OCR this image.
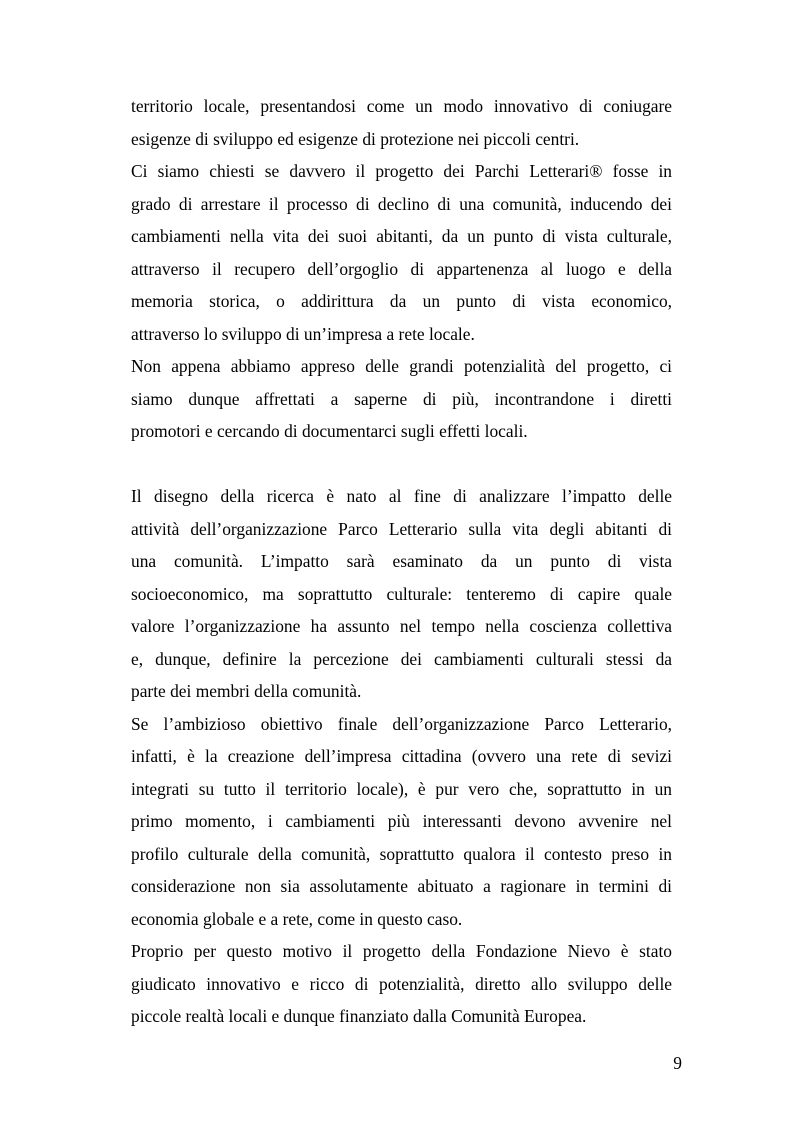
territorio locale, presentandosi come un modo innovativo di coniugare
esigenze di sviluppo ed esigenze di protezione nei piccoli centri.
Ci siamo chiesti se davvero il progetto dei Parchi Letterari® fosse in
grado di arrestare il processo di declino di una comunità, inducendo dei
cambiamenti nella vita dei suoi abitanti, da un punto di vista culturale,
attraverso il recupero dell’orgoglio di appartenenza al luogo e della
memoria storica, o addirittura da un punto di vista economico,
attraverso lo sviluppo di un’impresa a rete locale.
Non appena abbiamo appreso delle grandi potenzialità del progetto, ci
siamo dunque affrettati a saperne di più, incontrandone i diretti
promotori e cercando di documentarci sugli effetti locali.
Il disegno della ricerca è nato al fine di analizzare l’impatto delle
attività dell’organizzazione Parco Letterario sulla vita degli abitanti di
una comunità. L’impatto sarà esaminato da un punto di vista
socioeconomico, ma soprattutto culturale: tenteremo di capire quale
valore l’organizzazione ha assunto nel tempo nella coscienza collettiva
e, dunque, definire la percezione dei cambiamenti culturali stessi da
parte dei membri della comunità.
Se l’ambizioso obiettivo finale dell’organizzazione Parco Letterario,
infatti, è la creazione dell’impresa cittadina (ovvero una rete di sevizi
integrati su tutto il territorio locale), è pur vero che, soprattutto in un
primo momento, i cambiamenti più interessanti devono avvenire nel
profilo culturale della comunità, soprattutto qualora il contesto preso in
considerazione non sia assolutamente abituato a ragionare in termini di
economia globale e a rete, come in questo caso.
Proprio per questo motivo il progetto della Fondazione Nievo è stato
giudicato innovativo e ricco di potenzialità, diretto allo sviluppo delle
piccole realtà locali e dunque finanziato dalla Comunità Europea.
9
